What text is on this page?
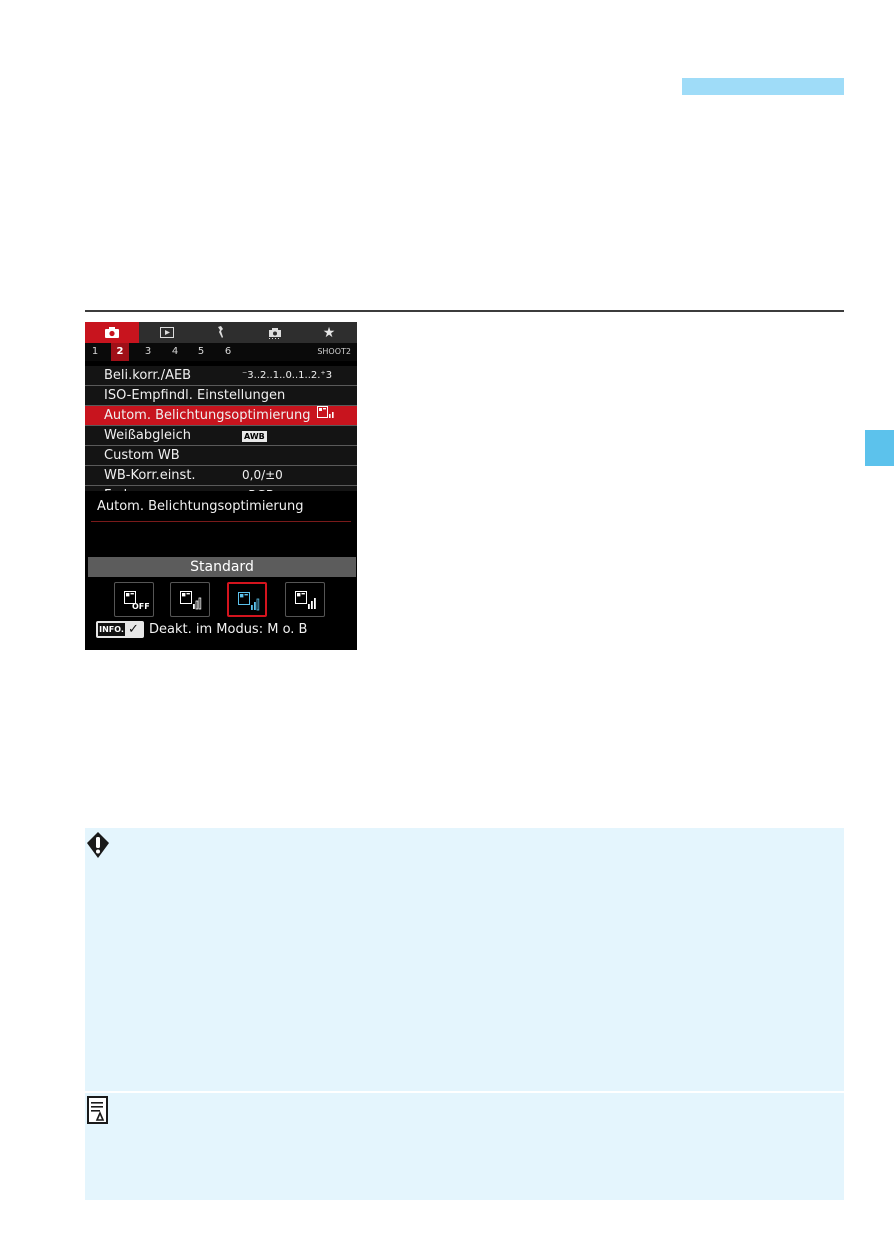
★
1	2	3 4 5 6	SHOOT2
Beli.korr./AEB	⁻3..2..1..0..1..2.⁺3
ISO-Empfindl. Einstellungen
Autom. Belichtungsoptimierung
Weißabgleich	AWB
Custom WB
WB-Korr.einst.	0,0/±0
Autom. Belichtungsoptimierung
Standard
OFF
INFO. ✓ Deakt. im Modus: M o. B
